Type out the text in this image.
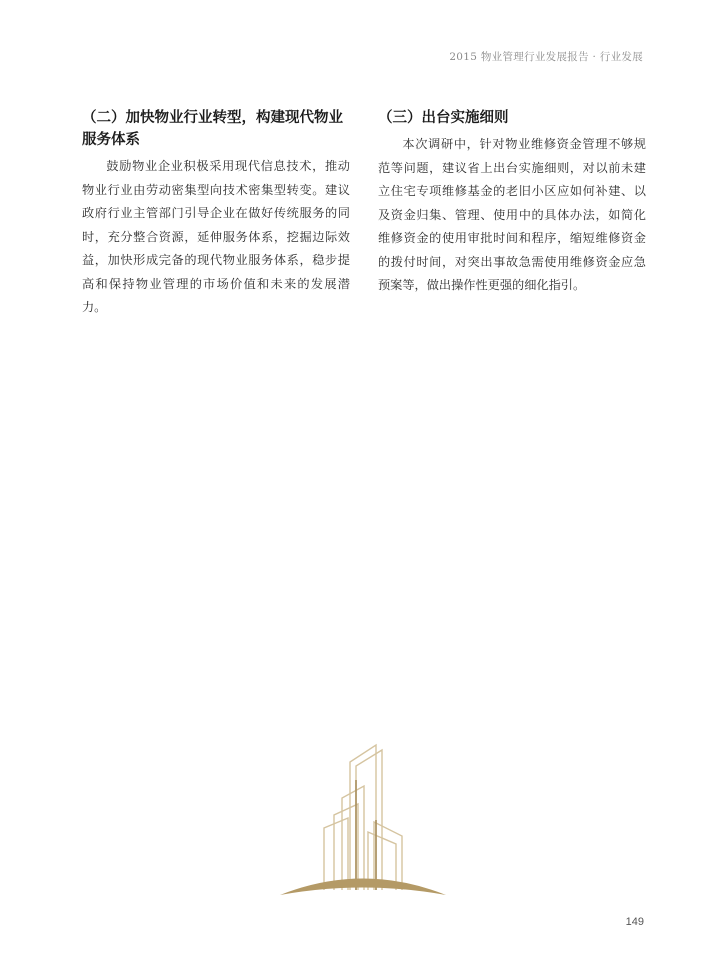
2015 物业管理行业发展报告 · 行业发展
（二）加快物业行业转型，构建现代物业服务体系

鼓励物业企业积极采用现代信息技术，推动物业行业由劳动密集型向技术密集型转变。建议政府行业主管部门引导企业在做好传统服务的同时，充分整合资源，延伸服务体系，挖掘边际效益，加快形成完备的现代物业服务体系，稳步提高和保持物业管理的市场价值和未来的发展潜力。

（三）出台实施细则

本次调研中，针对物业维修资金管理不够规范等问题，建议省上出台实施细则，对以前未建立住宅专项维修基金的老旧小区应如何补建、以及资金归集、管理、使用中的具体办法，如简化维修资金的使用审批时间和程序，缩短维修资金的拨付时间，对突出事故急需使用维修资金应急预案等，做出操作性更强的细化指引。

149
